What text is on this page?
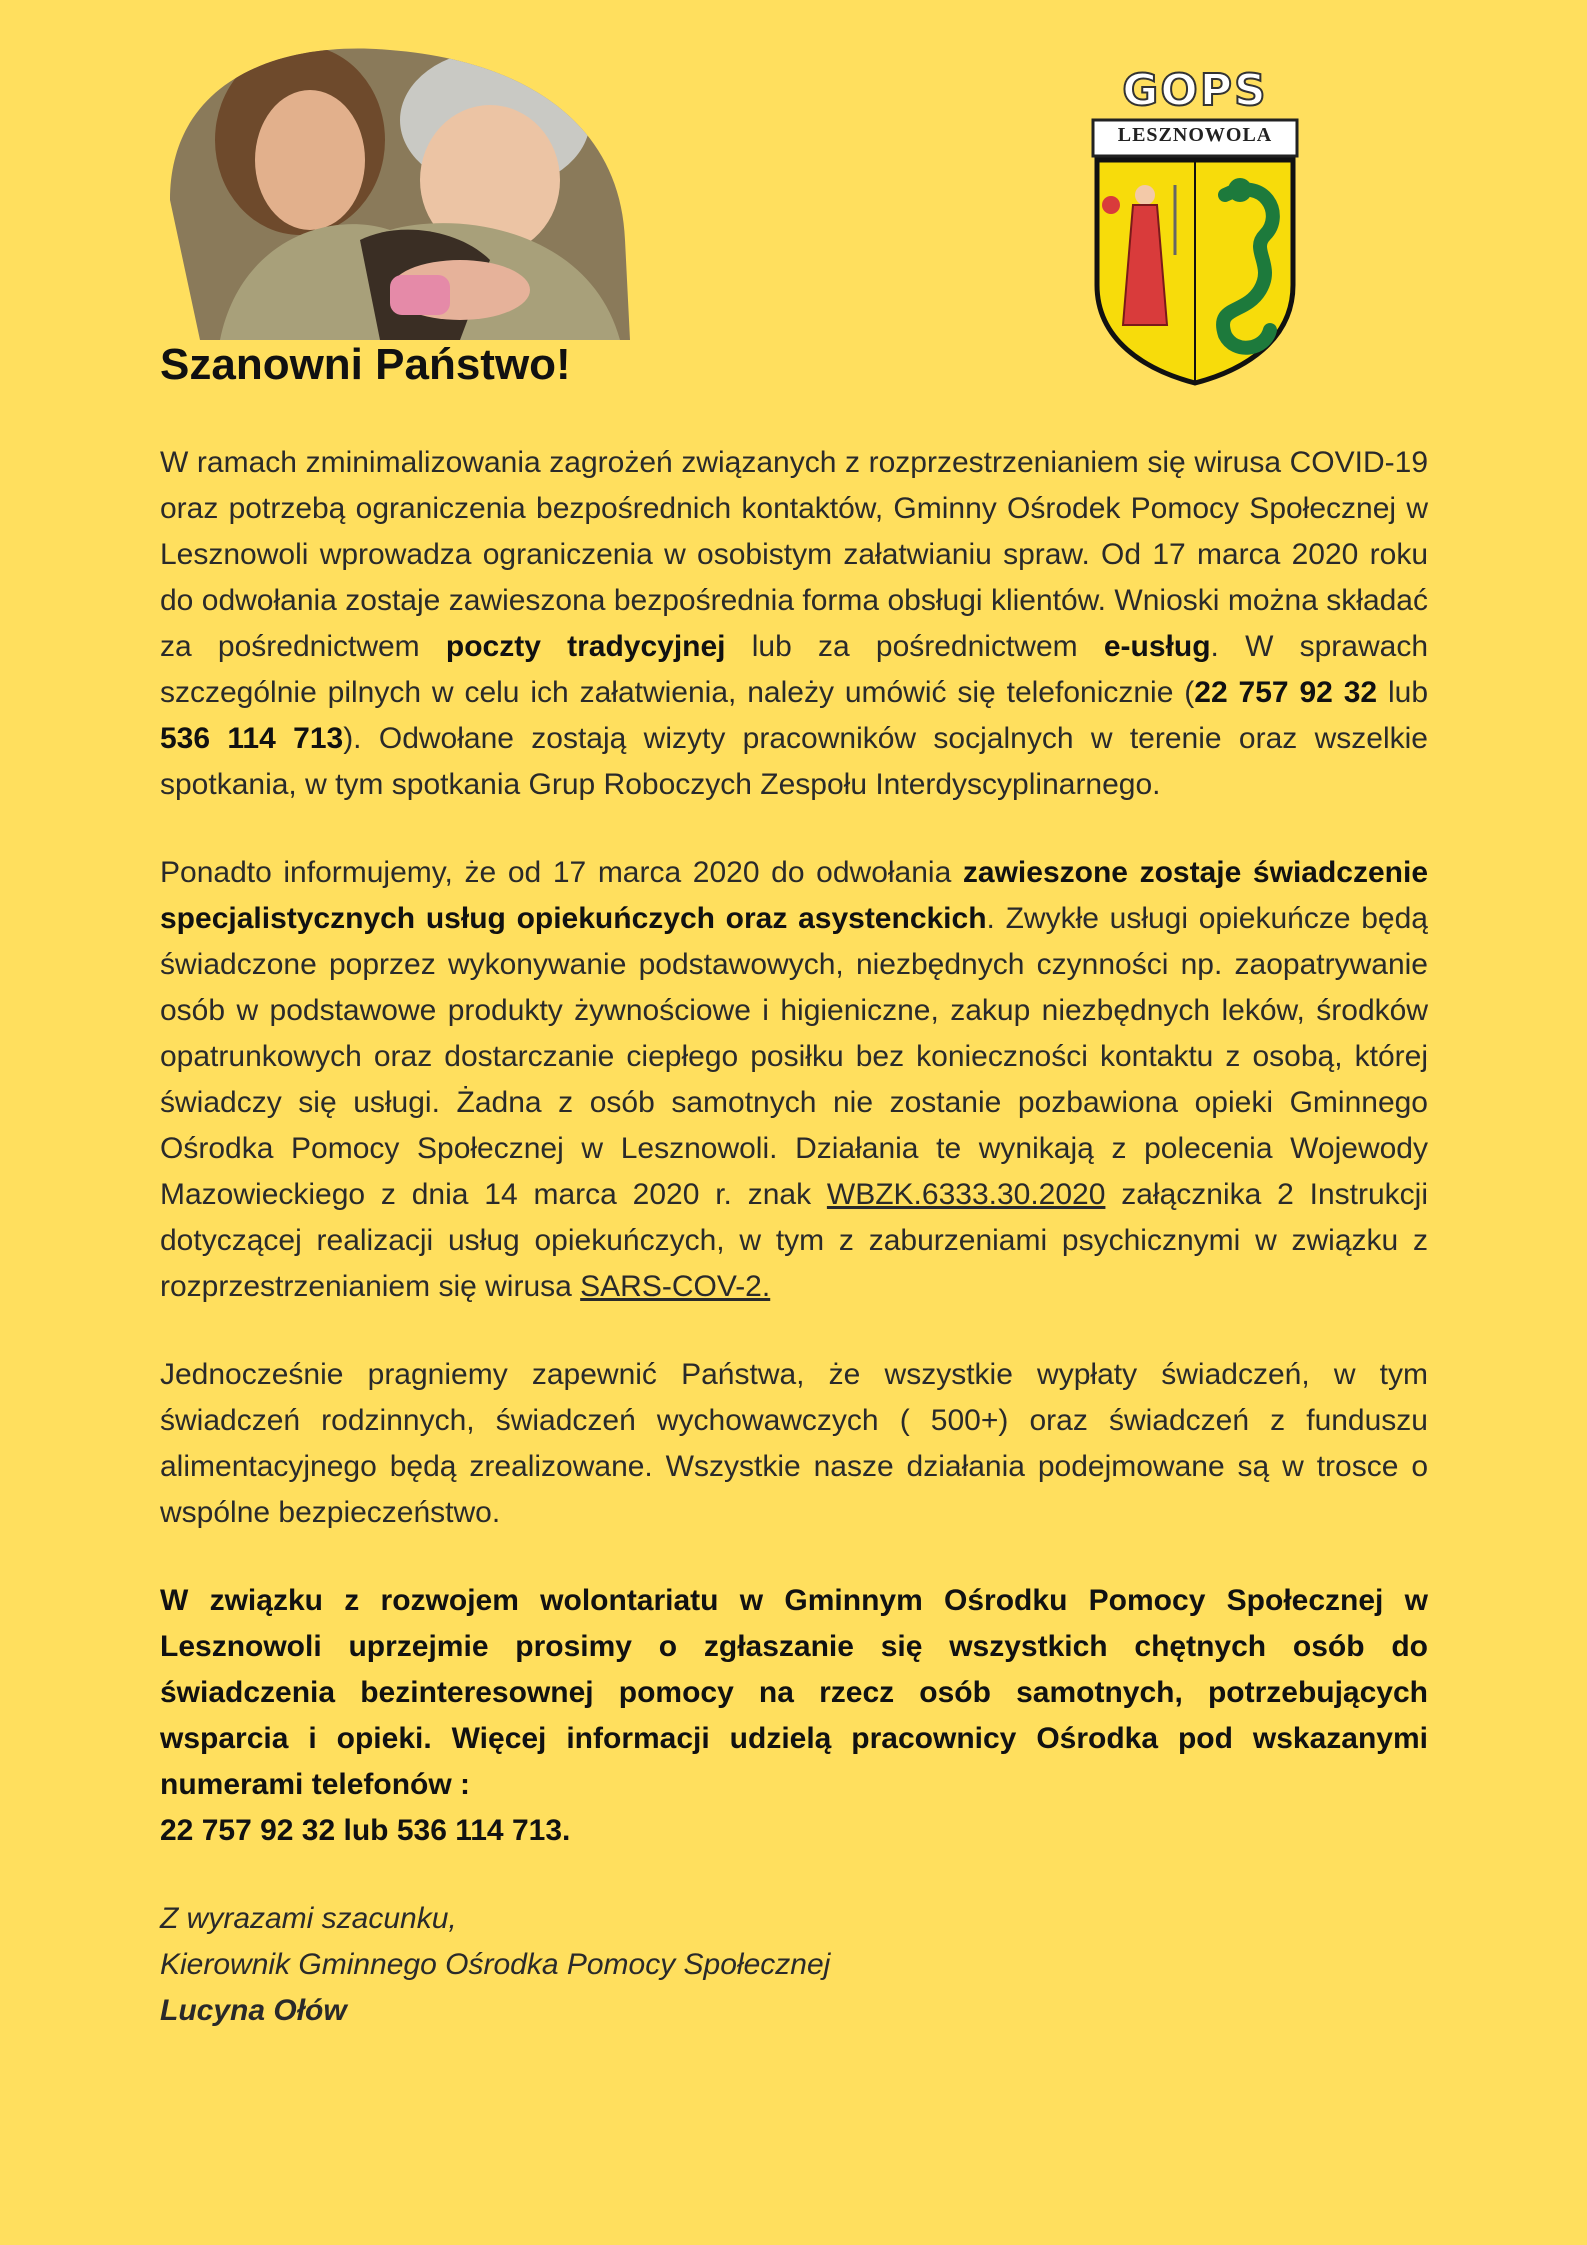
GOPS
LESZNOWOLA
Szanowni Państwo!

W ramach zminimalizowania zagrożeń związanych z rozprzestrzenianiem się wirusa COVID-19 oraz potrzebą ograniczenia bezpośrednich kontaktów, Gminny Ośrodek Pomocy Społecznej w Lesznowoli wprowadza ograniczenia w osobistym załatwianiu spraw. Od 17 marca 2020 roku do odwołania zostaje zawieszona bezpośrednia forma obsługi klientów. Wnioski można składać za pośrednictwem poczty tradycyjnej lub za pośrednictwem e-usług. W sprawach szczególnie pilnych w celu ich załatwienia, należy umówić się telefonicznie (22 757 92 32 lub 536 114 713). Odwołane zostają wizyty pracowników socjalnych w terenie oraz wszelkie spotkania, w tym spotkania Grup Roboczych Zespołu Interdyscyplinarnego.

Ponadto informujemy, że od 17 marca 2020 do odwołania zawieszone zostaje świadczenie specjalistycznych usług opiekuńczych oraz asystenckich. Zwykłe usługi opiekuńcze będą świadczone poprzez wykonywanie podstawowych, niezbędnych czynności np. zaopatrywanie osób w podstawowe produkty żywnościowe i higieniczne, zakup niezbędnych leków, środków opatrunkowych oraz dostarczanie ciepłego posiłku bez konieczności kontaktu z osobą, której świadczy się usługi. Żadna z osób samotnych nie zostanie pozbawiona opieki Gminnego Ośrodka Pomocy Społecznej w Lesznowoli. Działania te wynikają z polecenia Wojewody Mazowieckiego z dnia 14 marca 2020 r. znak WBZK.6333.30.2020 załącznika 2 Instrukcji dotyczącej realizacji usług opiekuńczych, w tym z zaburzeniami psychicznymi w związku z rozprzestrzenianiem się wirusa SARS-COV-2.

Jednocześnie pragniemy zapewnić Państwa, że wszystkie wypłaty świadczeń, w tym świadczeń rodzinnych, świadczeń wychowawczych ( 500+) oraz świadczeń z funduszu alimentacyjnego będą zrealizowane. Wszystkie nasze działania podejmowane są w trosce o wspólne bezpieczeństwo.

W związku z rozwojem wolontariatu w Gminnym Ośrodku Pomocy Społecznej w Lesznowoli uprzejmie prosimy o zgłaszanie się wszystkich chętnych osób do świadczenia bezinteresownej pomocy na rzecz osób samotnych, potrzebujących wsparcia i opieki. Więcej informacji udzielą pracownicy Ośrodka pod wskazanymi numerami telefonów :
22 757 92 32 lub 536 114 713.

Z wyrazami szacunku,
Kierownik Gminnego Ośrodka Pomocy Społecznej
Lucyna Ołów
